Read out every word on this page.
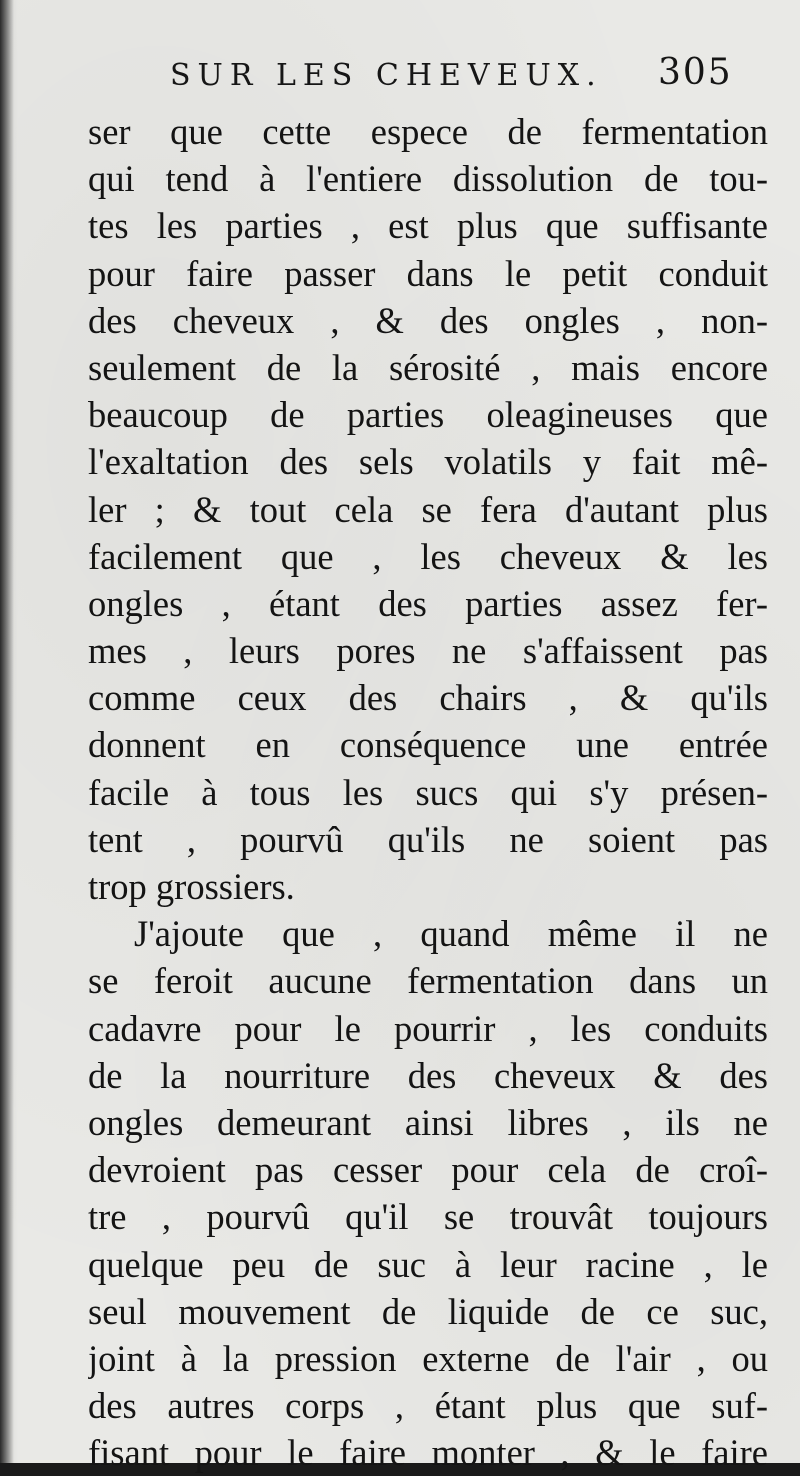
SUR LES CHEVEUX. 305
ser que cette espece de fermentation
qui tend à l'entiere dissolution de tou-
tes les parties , est plus que suffisante
pour faire passer dans le petit conduit
des cheveux , & des ongles , non-
seulement de la sérosité , mais encore
beaucoup de parties oleagineuses que
l'exaltation des sels volatils y fait mê-
ler ; & tout cela se fera d'autant plus
facilement que , les cheveux & les
ongles , étant des parties assez fer-
mes , leurs pores ne s'affaissent pas
comme ceux des chairs , & qu'ils
donnent en conséquence une entrée
facile à tous les sucs qui s'y présen-
tent , pourvû qu'ils ne soient pas
trop grossiers.
J'ajoute que , quand même il ne
se feroit aucune fermentation dans un
cadavre pour le pourrir , les conduits
de la nourriture des cheveux & des
ongles demeurant ainsi libres , ils ne
devroient pas cesser pour cela de croî-
tre , pourvû qu'il se trouvât toujours
quelque peu de suc à leur racine , le
seul mouvement de liquide de ce suc,
joint à la pression externe de l'air , ou
des autres corps , étant plus que suf-
fisant pour le faire monter , & le faire
